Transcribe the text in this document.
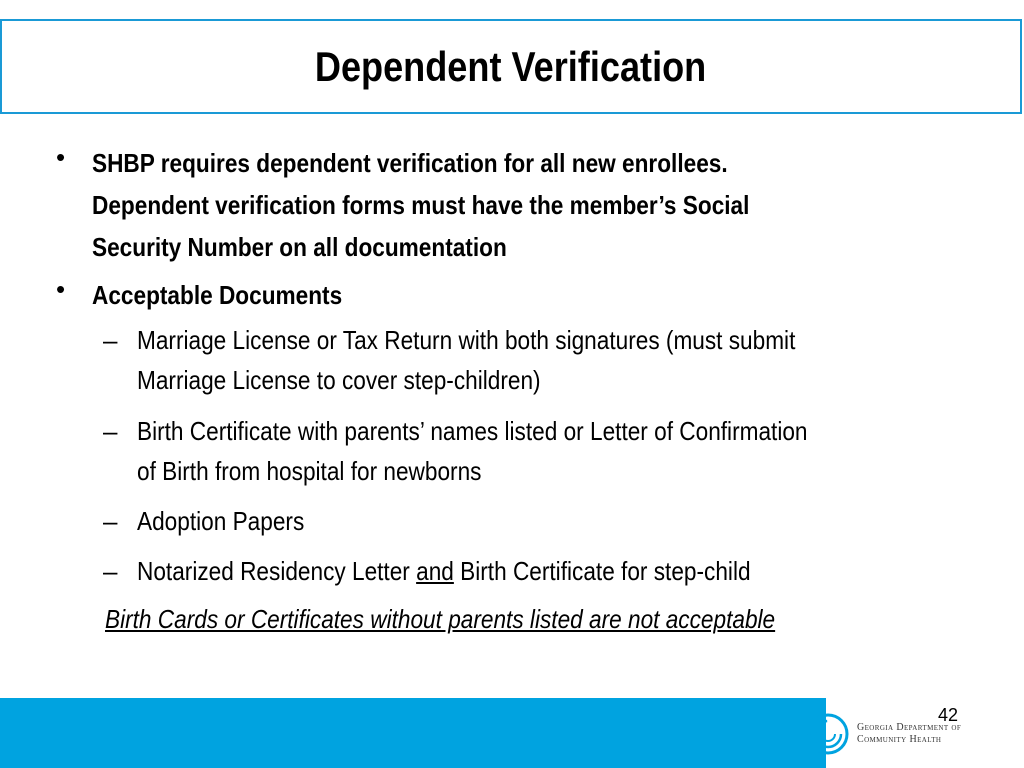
Dependent Verification
• SHBP requires dependent verification for all new enrollees.
Dependent verification forms must have the member’s Social
Security Number on all documentation
• Acceptable Documents
– Marriage License or Tax Return with both signatures (must submit
Marriage License to cover step-children)
– Birth Certificate with parents’ names listed or Letter of Confirmation
of Birth from hospital for newborns
– Adoption Papers
– Notarized Residency Letter and Birth Certificate for step-child
Birth Cards or Certificates without parents listed are not acceptable
42
Georgia Department of
Community Health
